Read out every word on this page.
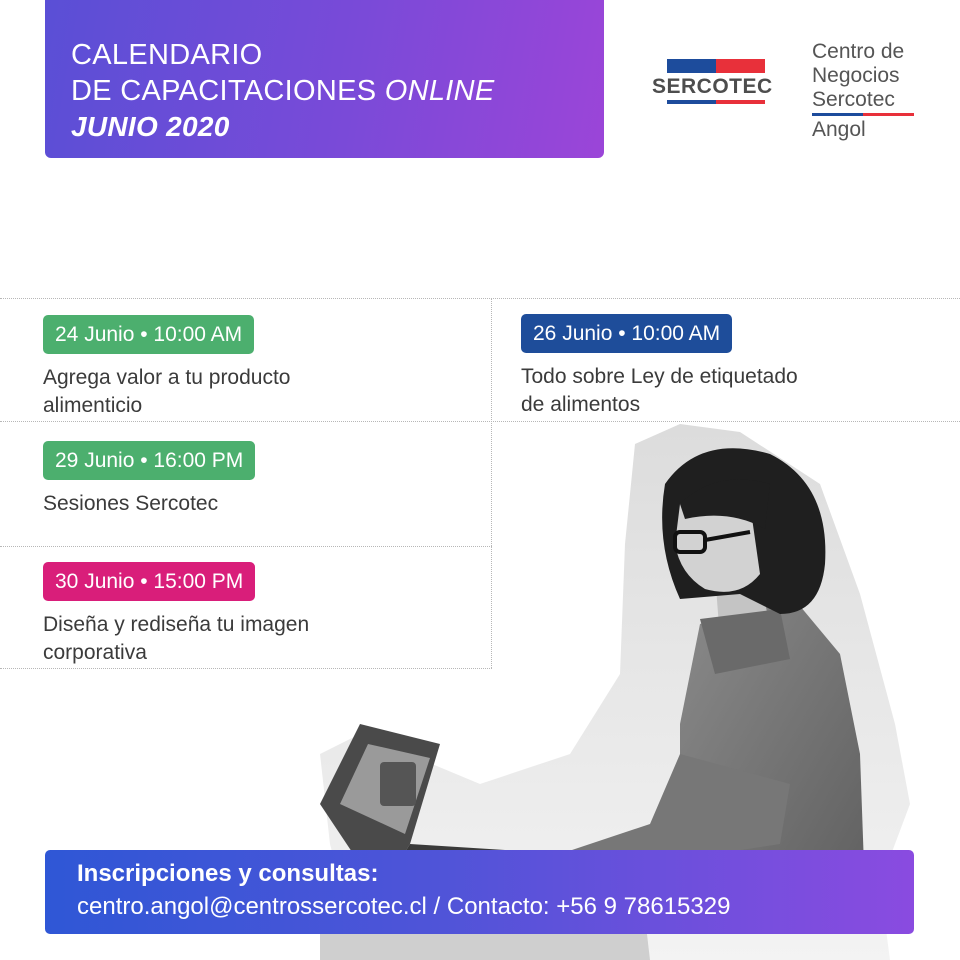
CALENDARIO
DE CAPACITACIONES ONLINE
JUNIO 2020
SERCOTEC
Centro de
Negocios
Sercotec
Angol
24 Junio • 10:00 AM
Agrega valor a tu producto
alimenticio
26 Junio • 10:00 AM
Todo sobre Ley de etiquetado
de alimentos
29 Junio • 16:00 PM
Sesiones Sercotec
30 Junio • 15:00 PM
Diseña y rediseña tu imagen
corporativa
Inscripciones y consultas:
centro.angol@centrossercotec.cl / Contacto: +56 9 78615329
